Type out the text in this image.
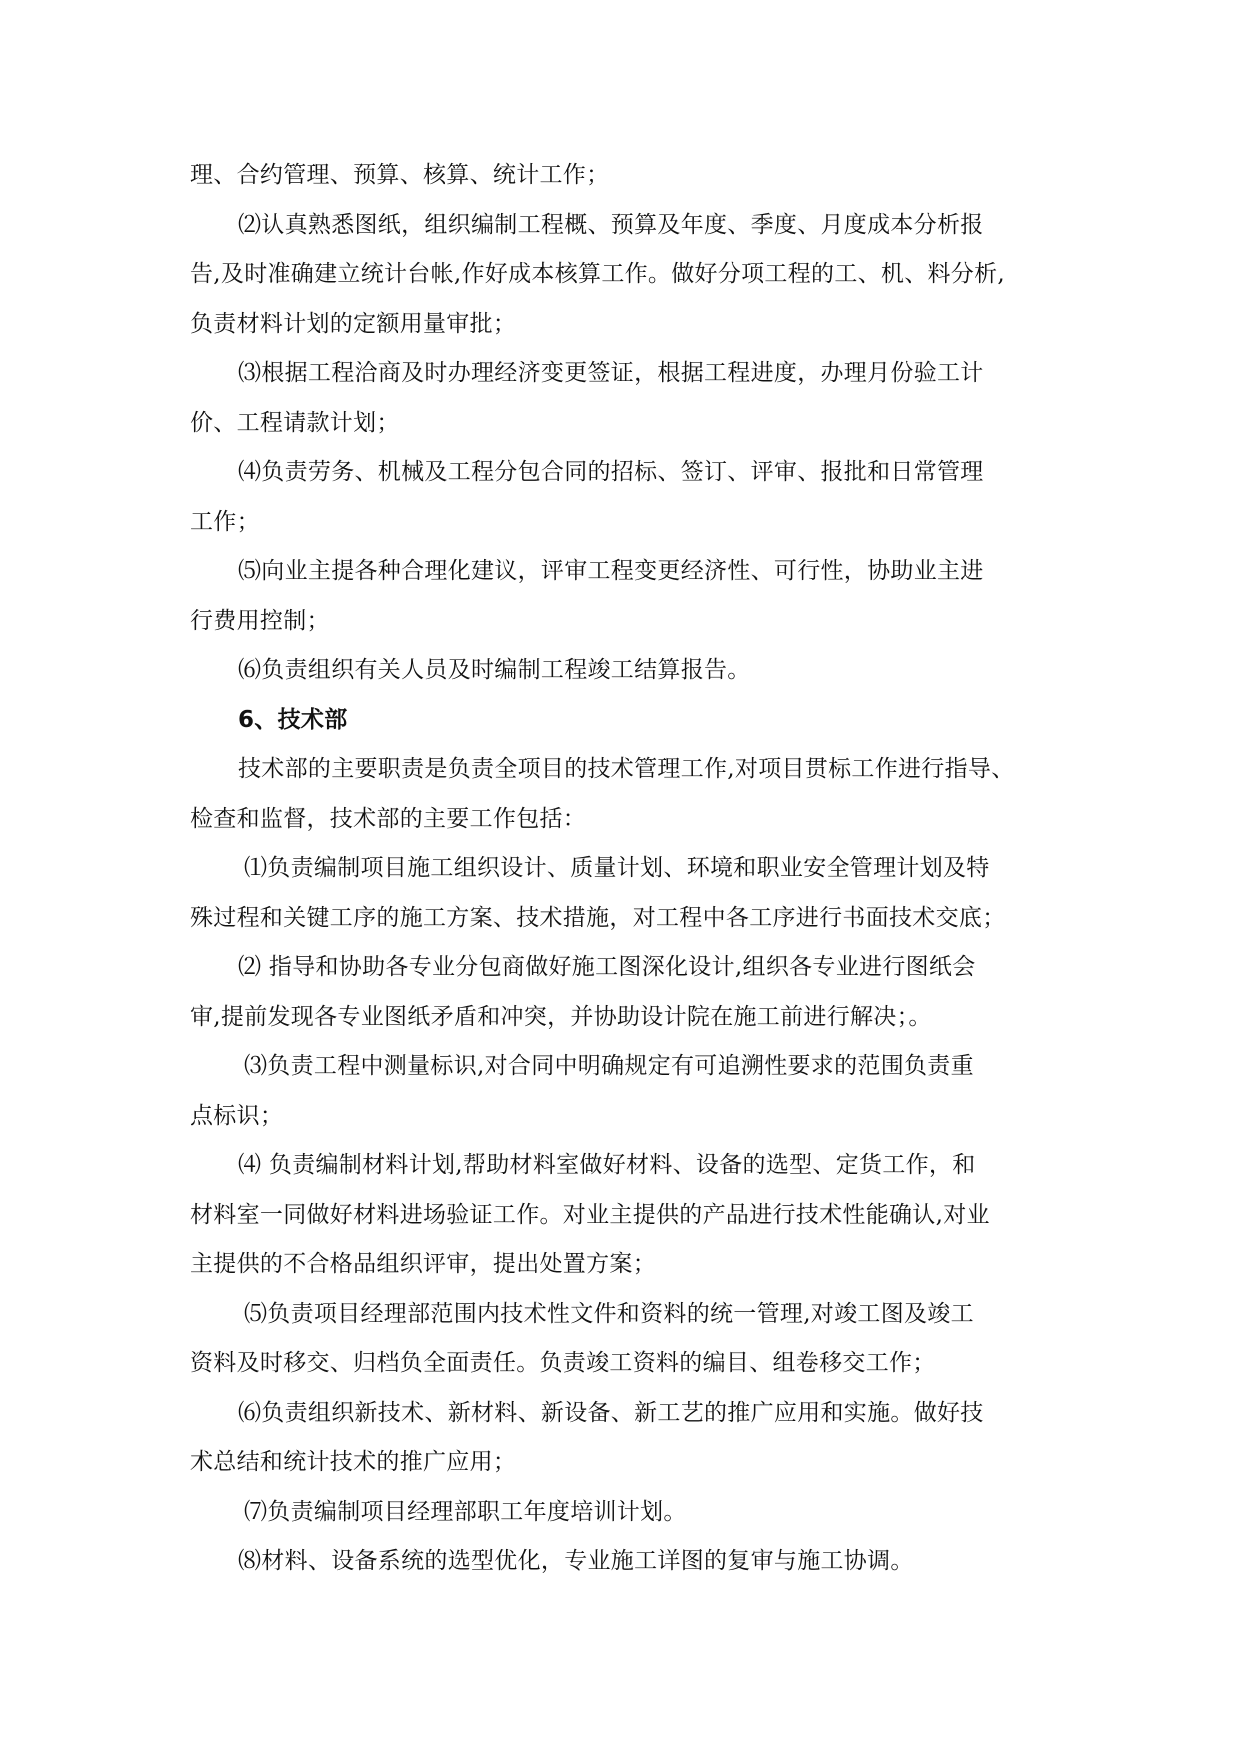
理、合约管理、预算、核算、统计工作；
⑵认真熟悉图纸，组织编制工程概、预算及年度、季度、月度成本分析报
告,及时准确建立统计台帐,作好成本核算工作。做好分项工程的工、机、料分析,
负责材料计划的定额用量审批；
⑶根据工程洽商及时办理经济变更签证，根据工程进度，办理月份验工计
价、工程请款计划；
⑷负责劳务、机械及工程分包合同的招标、签订、评审、报批和日常管理
工作；
⑸向业主提各种合理化建议，评审工程变更经济性、可行性，协助业主进
行费用控制；
⑹负责组织有关人员及时编制工程竣工结算报告。
6、技术部
技术部的主要职责是负责全项目的技术管理工作,对项目贯标工作进行指导、
检查和监督，技术部的主要工作包括：
⑴负责编制项目施工组织设计、质量计划、环境和职业安全管理计划及特
殊过程和关键工序的施工方案、技术措施，对工程中各工序进行书面技术交底；
⑵ 指导和协助各专业分包商做好施工图深化设计,组织各专业进行图纸会
审,提前发现各专业图纸矛盾和冲突，并协助设计院在施工前进行解决；。
⑶负责工程中测量标识,对合同中明确规定有可追溯性要求的范围负责重
点标识；
⑷ 负责编制材料计划,帮助材料室做好材料、设备的选型、定货工作，和
材料室一同做好材料进场验证工作。对业主提供的产品进行技术性能确认,对业
主提供的不合格品组织评审，提出处置方案；
⑸负责项目经理部范围内技术性文件和资料的统一管理,对竣工图及竣工
资料及时移交、归档负全面责任。负责竣工资料的编目、组卷移交工作；
⑹负责组织新技术、新材料、新设备、新工艺的推广应用和实施。做好技
术总结和统计技术的推广应用；
⑺负责编制项目经理部职工年度培训计划。
⑻材料、设备系统的选型优化，专业施工详图的复审与施工协调。
